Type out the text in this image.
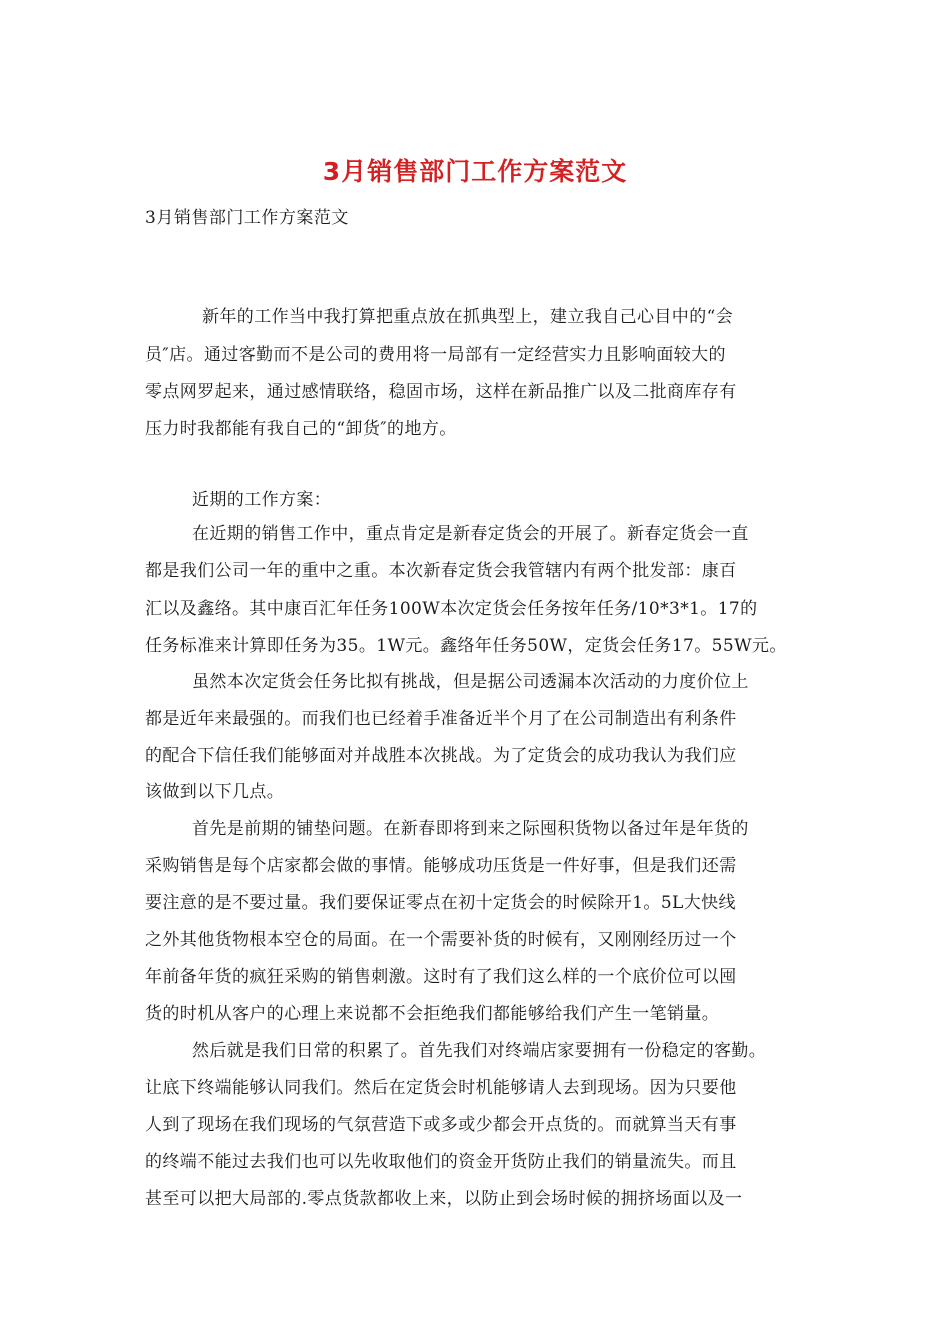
3月销售部门工作方案范文
3月销售部门工作方案范文
新年的工作当中我打算把重点放在抓典型上，建立我自己心目中的“会
员″店。通过客勤而不是公司的费用将一局部有一定经营实力且影响面较大的
零点网罗起来，通过感情联络，稳固市场，这样在新品推广以及二批商库存有
压力时我都能有我自己的“卸货″的地方。
近期的工作方案：
在近期的销售工作中，重点肯定是新春定货会的开展了。新春定货会一直
都是我们公司一年的重中之重。本次新春定货会我管辖内有两个批发部：康百
汇以及鑫络。其中康百汇年任务100W本次定货会任务按年任务/10*3*1。17的
任务标准来计算即任务为35。1W元。鑫络年任务50W，定货会任务17。55W元。
虽然本次定货会任务比拟有挑战，但是据公司透漏本次活动的力度价位上
都是近年来最强的。而我们也已经着手准备近半个月了在公司制造出有利条件
的配合下信任我们能够面对并战胜本次挑战。为了定货会的成功我认为我们应
该做到以下几点。
首先是前期的铺垫问题。在新春即将到来之际囤积货物以备过年是年货的
采购销售是每个店家都会做的事情。能够成功压货是一件好事，但是我们还需
要注意的是不要过量。我们要保证零点在初十定货会的时候除开1。5L大快线
之外其他货物根本空仓的局面。在一个需要补货的时候有，又刚刚经历过一个
年前备年货的疯狂采购的销售刺激。这时有了我们这么样的一个底价位可以囤
货的时机从客户的心理上来说都不会拒绝我们都能够给我们产生一笔销量。
然后就是我们日常的积累了。首先我们对终端店家要拥有一份稳定的客勤。
让底下终端能够认同我们。然后在定货会时机能够请人去到现场。因为只要他
人到了现场在我们现场的气氛营造下或多或少都会开点货的。而就算当天有事
的终端不能过去我们也可以先收取他们的资金开货防止我们的销量流失。而且
甚至可以把大局部的.零点货款都收上来，以防止到会场时候的拥挤场面以及一
